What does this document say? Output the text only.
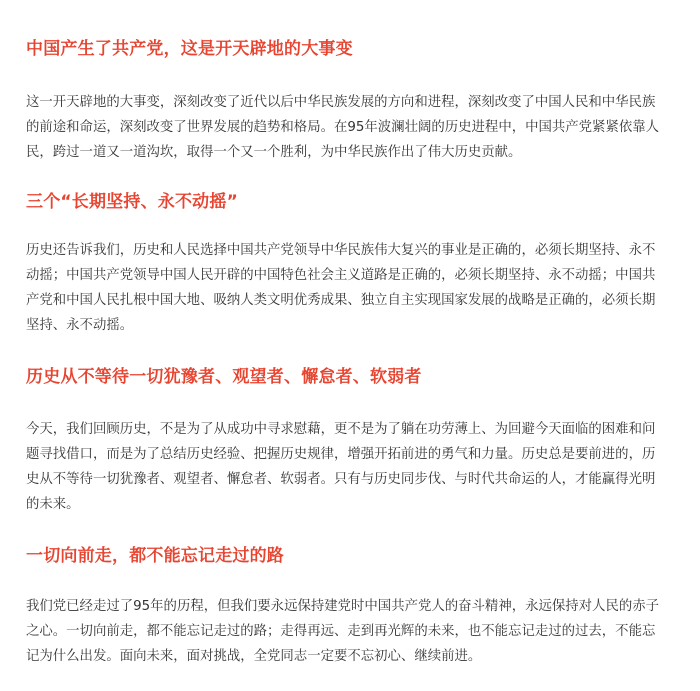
中国产生了共产党，这是开天辟地的大事变

这一开天辟地的大事变，深刻改变了近代以后中华民族发展的方向和进程，深刻改变了中国人民和中华民族
的前途和命运，深刻改变了世界发展的趋势和格局。在95年波澜壮阔的历史进程中，中国共产党紧紧依靠人
民，跨过一道又一道沟坎，取得一个又一个胜利，为中华民族作出了伟大历史贡献。

三个“长期坚持、永不动摇”

历史还告诉我们，历史和人民选择中国共产党领导中华民族伟大复兴的事业是正确的，必须长期坚持、永不
动摇；中国共产党领导中国人民开辟的中国特色社会主义道路是正确的，必须长期坚持、永不动摇；中国共
产党和中国人民扎根中国大地、吸纳人类文明优秀成果、独立自主实现国家发展的战略是正确的，必须长期
坚持、永不动摇。

历史从不等待一切犹豫者、观望者、懈怠者、软弱者

今天，我们回顾历史，不是为了从成功中寻求慰藉，更不是为了躺在功劳薄上、为回避今天面临的困难和问
题寻找借口，而是为了总结历史经验、把握历史规律，增强开拓前进的勇气和力量。历史总是要前进的，历
史从不等待一切犹豫者、观望者、懈怠者、软弱者。只有与历史同步伐、与时代共命运的人，才能赢得光明
的未来。

一切向前走，都不能忘记走过的路

我们党已经走过了95年的历程，但我们要永远保持建党时中国共产党人的奋斗精神，永远保持对人民的赤子
之心。一切向前走，都不能忘记走过的路；走得再远、走到再光辉的未来，也不能忘记走过的过去，不能忘
记为什么出发。面向未来，面对挑战，全党同志一定要不忘初心、继续前进。
